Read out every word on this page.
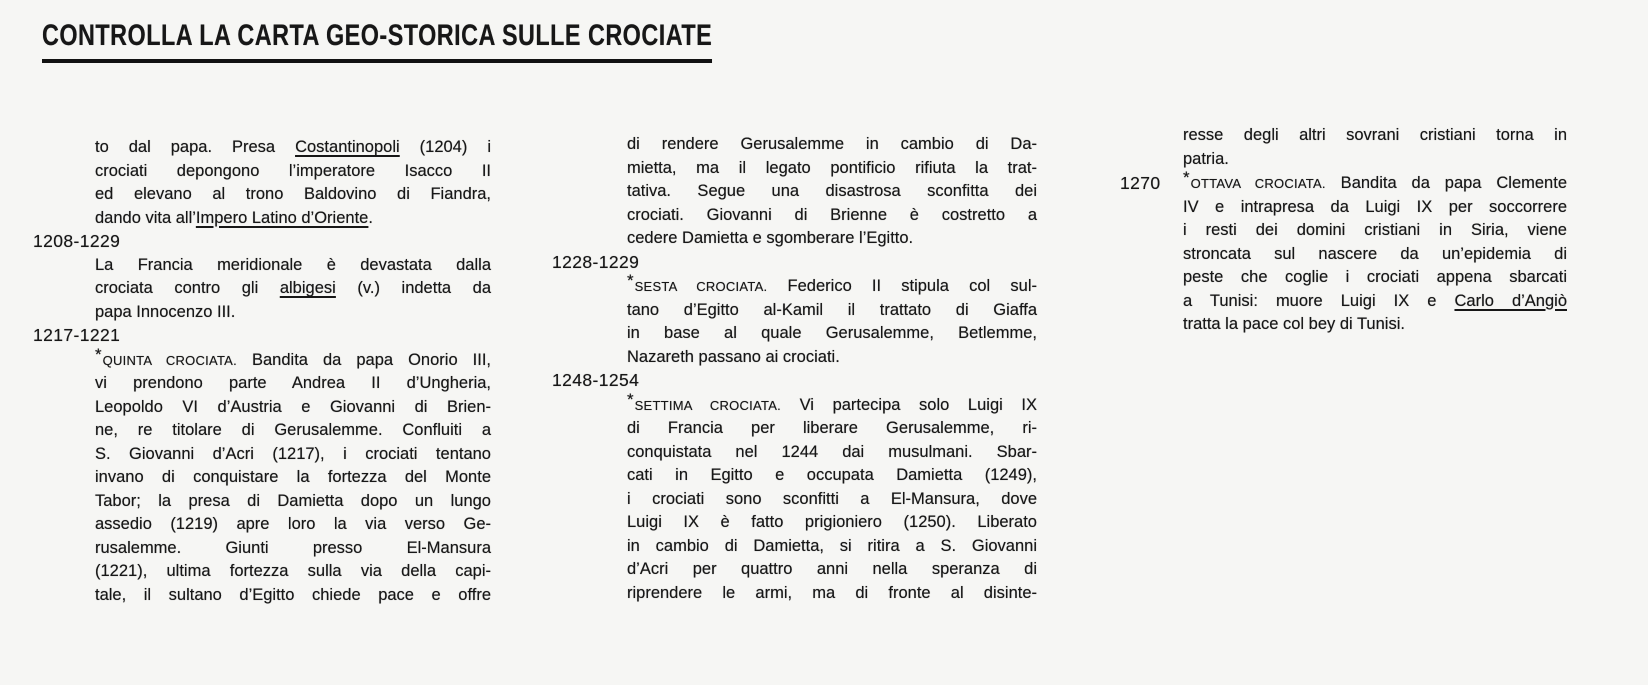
CONTROLLA LA CARTA GEO-STORICA SULLE CROCIATE
to dal papa. Presa Costantinopoli (1204) i
crociati depongono l’imperatore Isacco II
ed elevano al trono Baldovino di Fiandra,
dando vita all’Impero Latino d’Oriente.
1208-1229
La Francia meridionale è devastata dalla
crociata contro gli albigesi (v.) indetta da
papa Innocenzo III.
1217-1221
*QUINTA CROCIATA. Bandita da papa Onorio III,
vi prendono parte Andrea II d’Ungheria,
Leopoldo VI d’Austria e Giovanni di Brien-
ne, re titolare di Gerusalemme. Confluiti a
S. Giovanni d’Acri (1217), i crociati tentano
invano di conquistare la fortezza del Monte
Tabor; la presa di Damietta dopo un lungo
assedio (1219) apre loro la via verso Ge-
rusalemme. Giunti presso El-Mansura
(1221), ultima fortezza sulla via della capi-
tale, il sultano d’Egitto chiede pace e offre
di rendere Gerusalemme in cambio di Da-
mietta, ma il legato pontificio rifiuta la trat-
tativa. Segue una disastrosa sconfitta dei
crociati. Giovanni di Brienne è costretto a
cedere Damietta e sgomberare l’Egitto.
1228-1229
*SESTA CROCIATA. Federico II stipula col sul-
tano d’Egitto al-Kamil il trattato di Giaffa
in base al quale Gerusalemme, Betlemme,
Nazareth passano ai crociati.
1248-1254
*SETTIMA CROCIATA. Vi partecipa solo Luigi IX
di Francia per liberare Gerusalemme, ri-
conquistata nel 1244 dai musulmani. Sbar-
cati in Egitto e occupata Damietta (1249),
i crociati sono sconfitti a El-Mansura, dove
Luigi IX è fatto prigioniero (1250). Liberato
in cambio di Damietta, si ritira a S. Giovanni
d’Acri per quattro anni nella speranza di
riprendere le armi, ma di fronte al disinte-
resse degli altri sovrani cristiani torna in
patria.
1270 *OTTAVA CROCIATA. Bandita da papa Clemente
IV e intrapresa da Luigi IX per soccorrere
i resti dei domini cristiani in Siria, viene
stroncata sul nascere da un’epidemia di
peste che coglie i crociati appena sbarcati
a Tunisi: muore Luigi IX e Carlo d’Angiò
tratta la pace col bey di Tunisi.
